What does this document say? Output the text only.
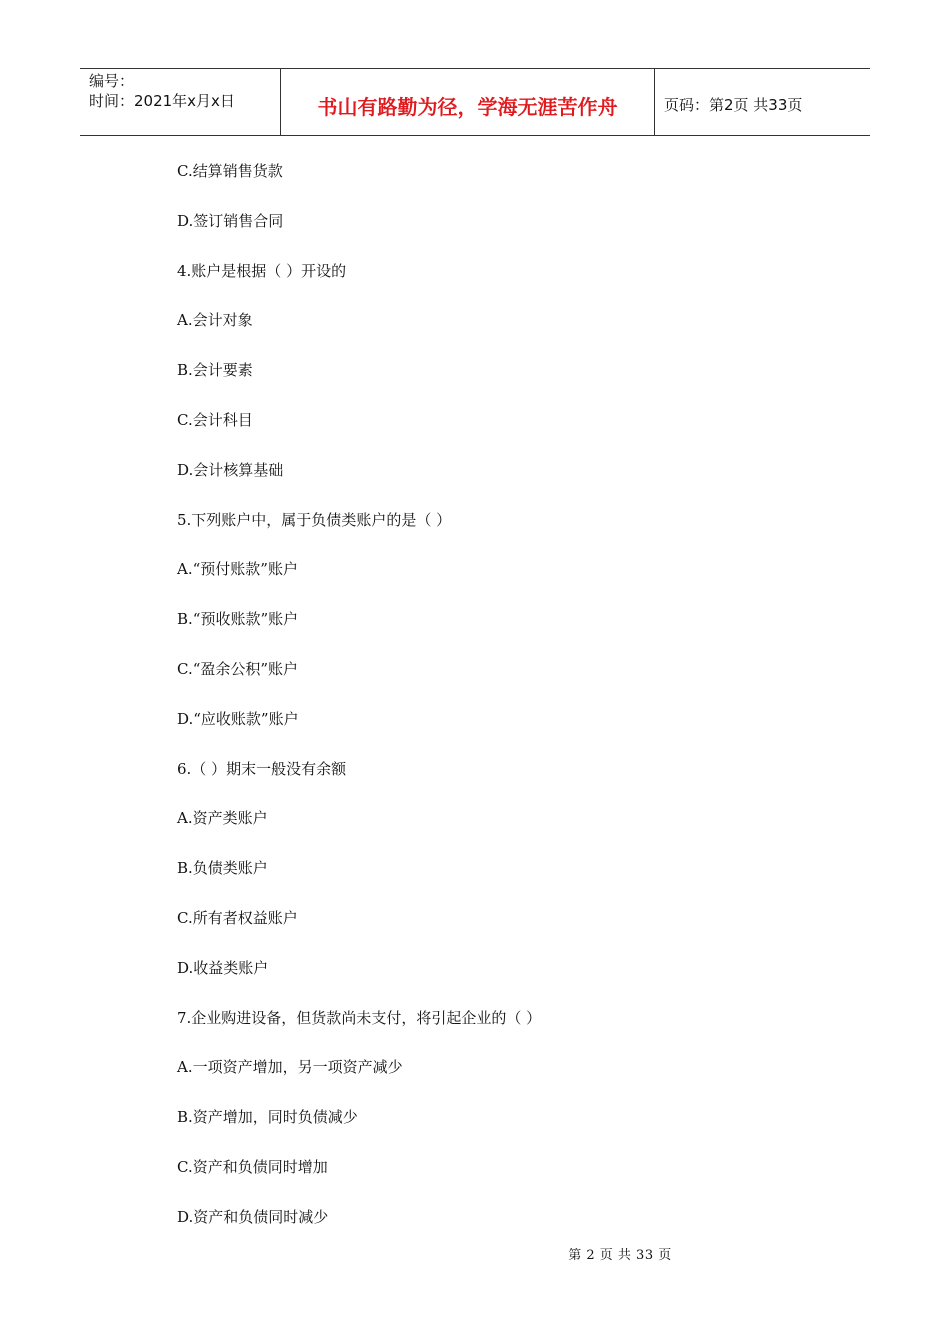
编号：
时间：2021年x月x日	书山有路勤为径，学海无涯苦作舟	页码：第2页 共33页
C.结算销售货款
D.签订销售合同
4.账户是根据（ ）开设的
A.会计对象
B.会计要素
C.会计科目
D.会计核算基础
5.下列账户中，属于负债类账户的是（ ）
A.“预付账款”账户
B.“预收账款”账户
C.“盈余公积”账户
D.“应收账款”账户
6.（ ）期末一般没有余额
A.资产类账户
B.负债类账户
C.所有者权益账户
D.收益类账户
7.企业购进设备，但货款尚未支付，将引起企业的（ ）
A.一项资产增加，另一项资产减少
B.资产增加，同时负债减少
C.资产和负债同时增加
D.资产和负债同时减少
第 2 页 共 33 页
